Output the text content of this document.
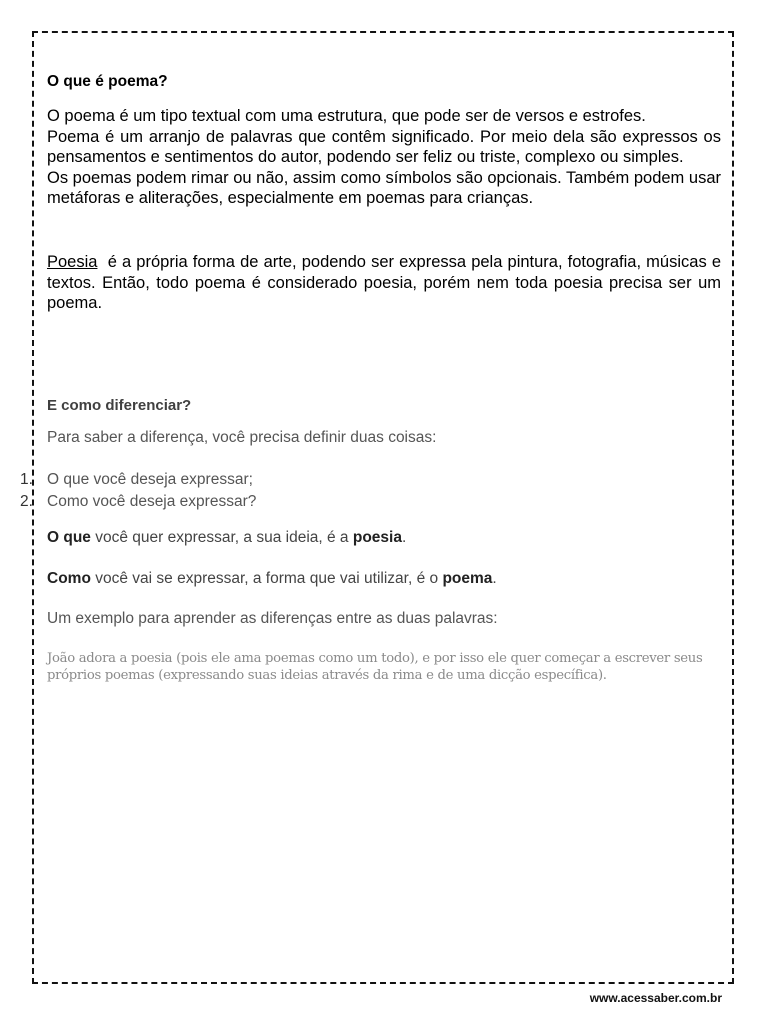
O que é poema?
O poema é um tipo textual com uma estrutura, que pode ser de versos e estrofes.
Poema é um arranjo de palavras que contêm significado. Por meio dela são expressos os pensamentos e sentimentos do autor, podendo ser feliz ou triste, complexo ou simples.
Os poemas podem rimar ou não, assim como símbolos são opcionais. Também podem usar metáforas e aliterações, especialmente em poemas para crianças.
Poesia  é a própria forma de arte, podendo ser expressa pela pintura, fotografia, músicas e textos. Então, todo poema é considerado poesia, porém nem toda poesia precisa ser um poema.
E como diferenciar?
Para saber a diferença, você precisa definir duas coisas:
1. O que você deseja expressar;
2. Como você deseja expressar?
O que você quer expressar, a sua ideia, é a poesia.
Como você vai se expressar, a forma que vai utilizar, é o poema.
Um exemplo para aprender as diferenças entre as duas palavras:
João adora a poesia (pois ele ama poemas como um todo), e por isso ele quer começar a escrever seus próprios poemas (expressando suas ideias através da rima e de uma dicção específica).
www.acessaber.com.br
